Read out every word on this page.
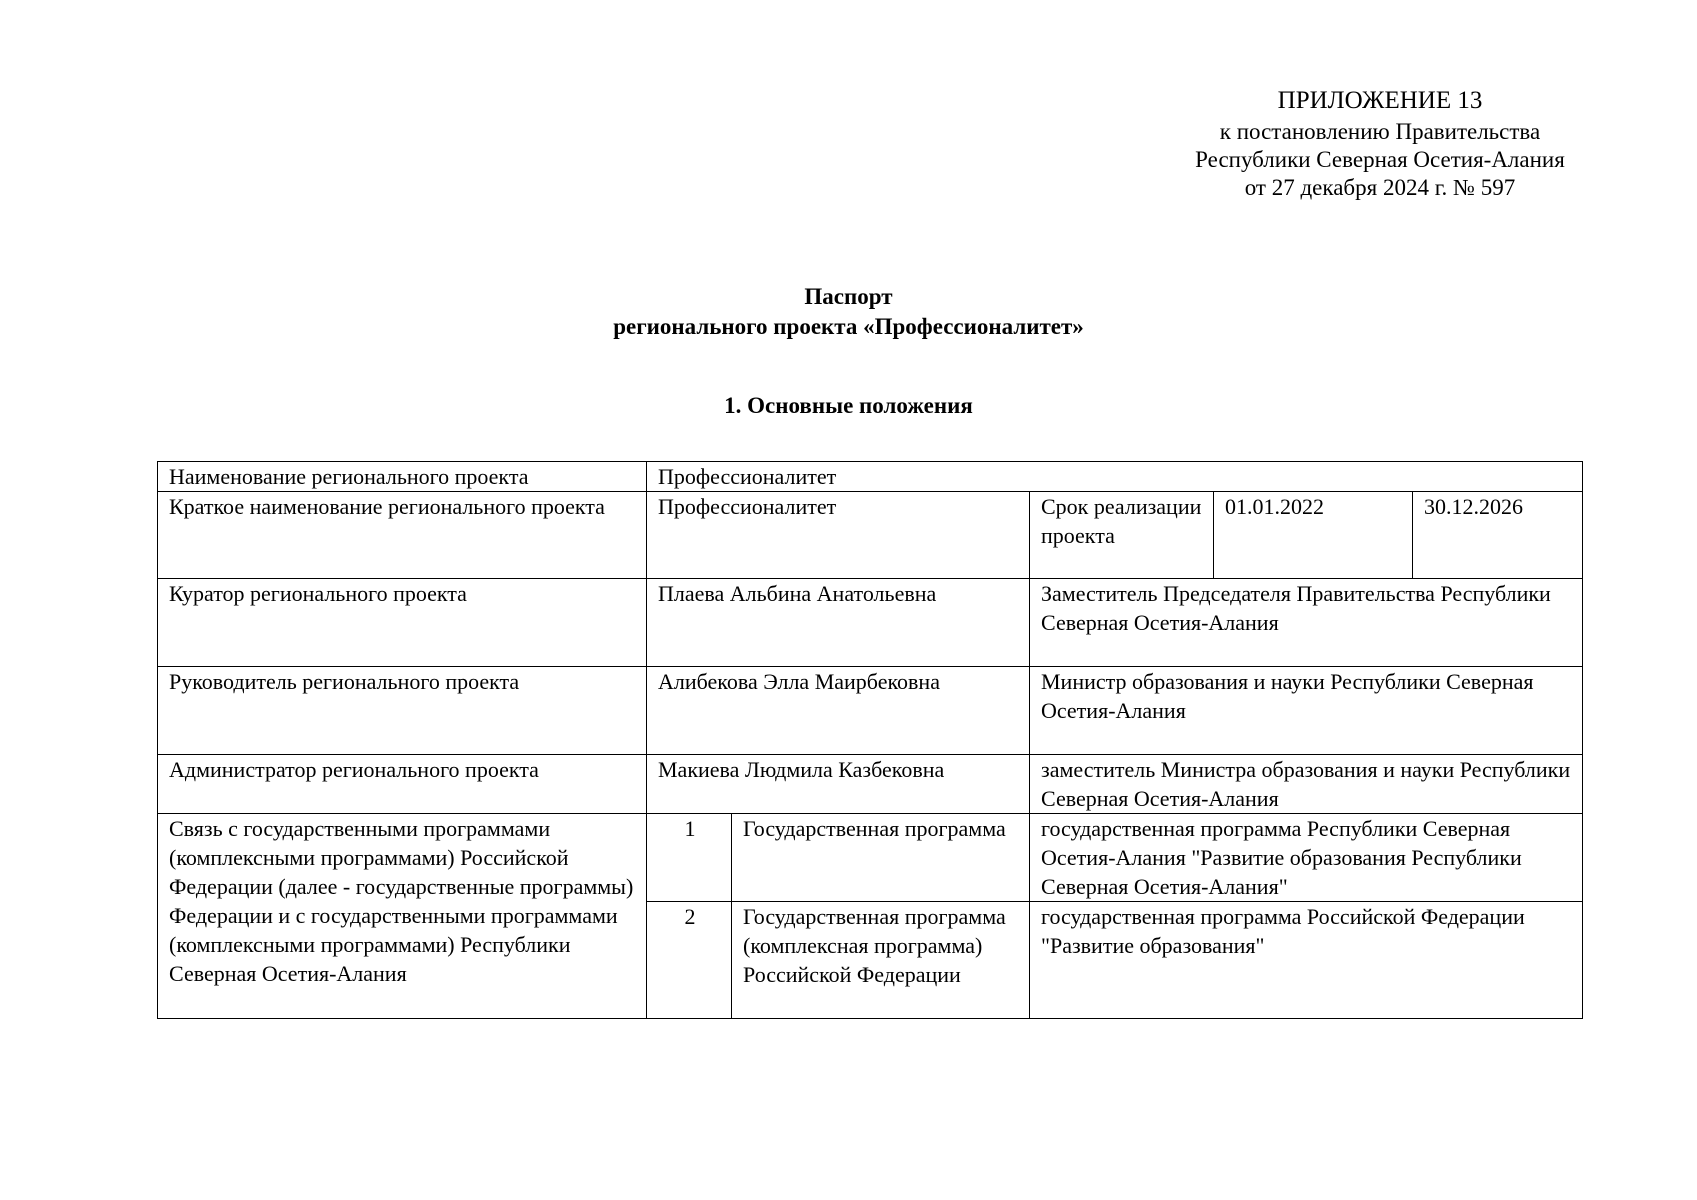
ПРИЛОЖЕНИЕ 13
к постановлению Правительства
Республики Северная Осетия-Алания
от 27 декабря 2024 г. № 597
Паспорт
регионального проекта «Профессионалитет»
1. Основные положения
Наименование регионального проекта	Профессионалитет				
Краткое наименование регионального проекта	Профессионалитет		Срок реализации проекта	01.01.2022	30.12.2026
Куратор регионального проекта	Плаева Альбина Анатольевна		Заместитель Председателя Правительства Республики Северная Осетия-Алания		
Руководитель регионального проекта	Алибекова Элла Маирбековна		Министр образования и науки Республики Северная Осетия-Алания		
Администратор регионального проекта	Макиева Людмила Казбековна		заместитель Министра образования и науки Республики Северная Осетия-Алания		
Связь с государственными программами (комплексными программами) Российской Федерации (далее - государственные программы) Федерации и с государственными программами (комплексными программами) Республики Северная Осетия-Алания	1	Государственная программа	государственная программа Республики Северная Осетия-Алания "Развитие образования Республики Северная Осетия-Алания"		
	2	Государственная программа (комплексная программа) Российской Федерации	государственная программа Российской Федерации "Развитие образования"		
